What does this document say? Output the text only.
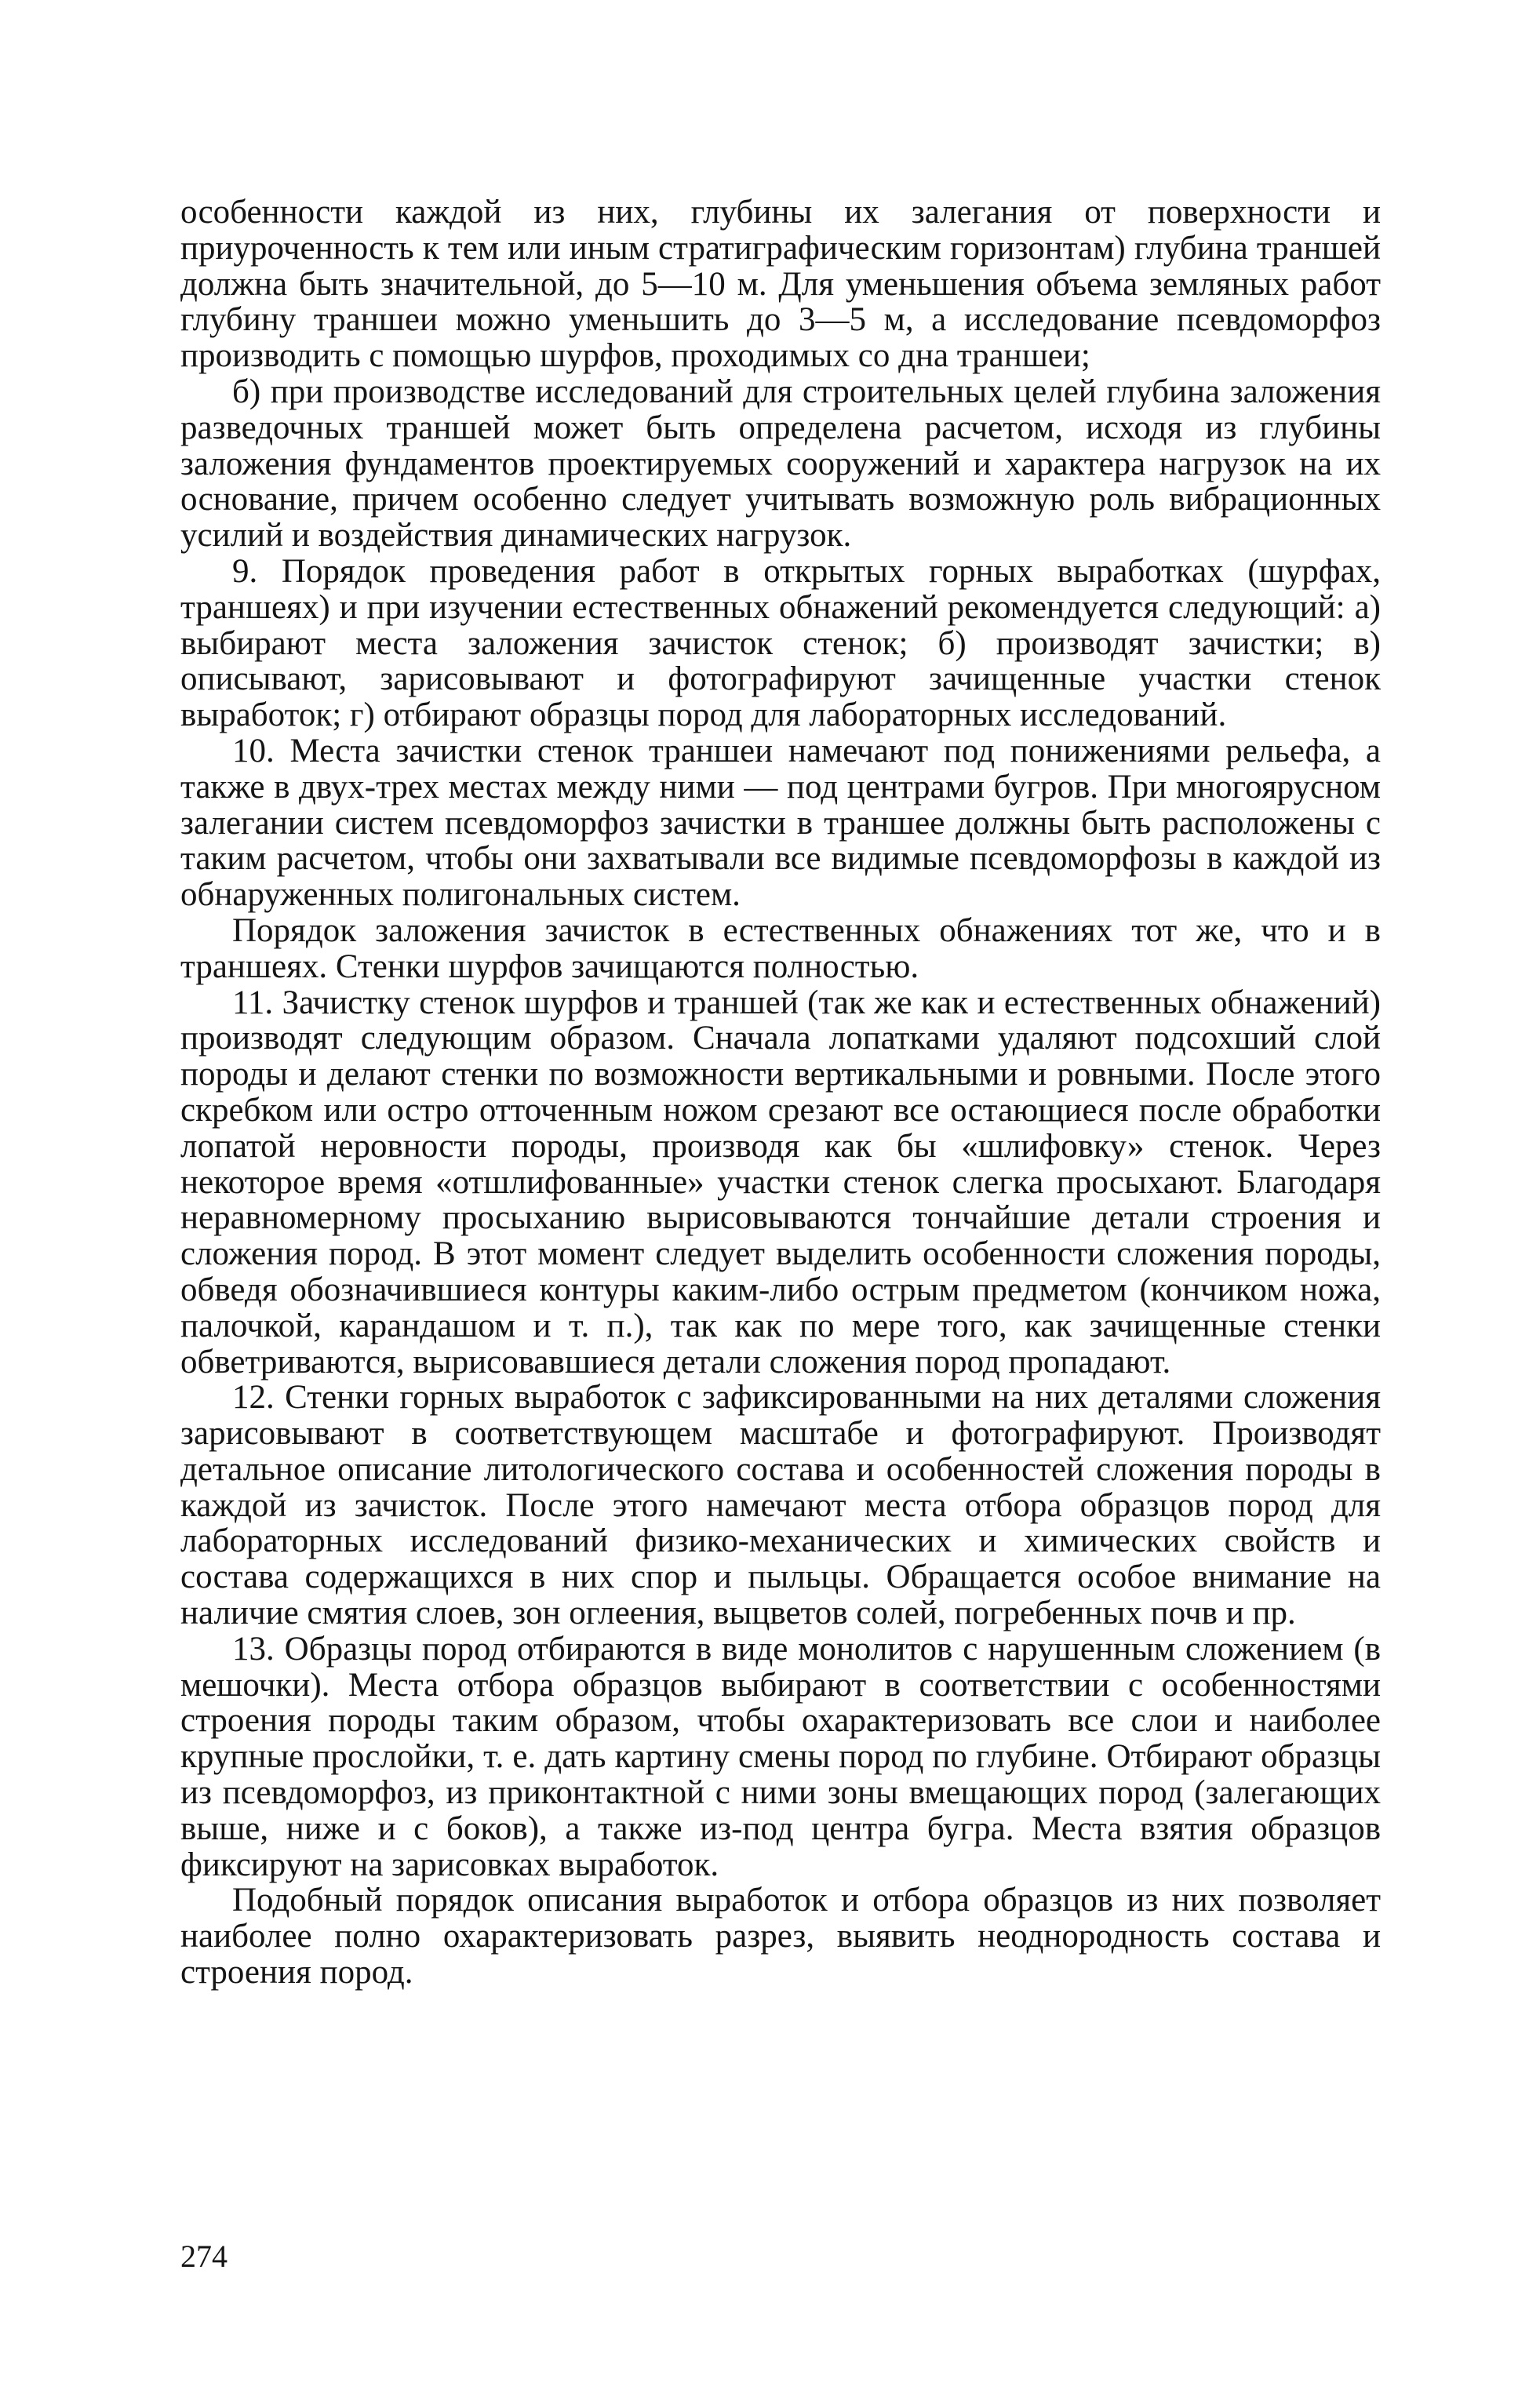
особенности каждой из них, глубины их залегания от поверхности и приуроченность к тем или иным стратиграфическим горизонтам) глубина траншей должна быть значительной, до 5—10 м. Для уменьшения объема земляных работ глубину траншеи можно уменьшить до 3—5 м, а исследование псевдоморфоз производить с помощью шурфов, проходимых со дна траншеи;

б) при производстве исследований для строительных целей глубина заложения разведочных траншей может быть определена расчетом, исходя из глубины заложения фундаментов проектируемых сооружений и характера нагрузок на их основание, причем особенно следует учитывать возможную роль вибрационных усилий и воздействия динамических нагрузок.

9. Порядок проведения работ в открытых горных выработках (шурфах, траншеях) и при изучении естественных обнажений рекомендуется следующий: а) выбирают места заложения зачисток стенок; б) производят зачистки; в) описывают, зарисовывают и фотографируют зачищенные участки стенок выработок; г) отбирают образцы пород для лабораторных исследований.

10. Места зачистки стенок траншеи намечают под понижениями рельефа, а также в двух-трех местах между ними — под центрами бугров. При многоярусном залегании систем псевдоморфоз зачистки в траншее должны быть расположены с таким расчетом, чтобы они захватывали все видимые псевдоморфозы в каждой из обнаруженных полигональных систем.

Порядок заложения зачисток в естественных обнажениях тот же, что и в траншеях. Стенки шурфов зачищаются полностью.

11. Зачистку стенок шурфов и траншей (так же как и естественных обнажений) производят следующим образом. Сначала лопатками удаляют подсохший слой породы и делают стенки по возможности вертикальными и ровными. После этого скребком или остро отточенным ножом срезают все остающиеся после обработки лопатой неровности породы, производя как бы «шлифовку» стенок. Через некоторое время «отшлифованные» участки стенок слегка просыхают. Благодаря неравномерному просыханию вырисовываются тончайшие детали строения и сложения пород. В этот момент следует выделить особенности сложения породы, обведя обозначившиеся контуры каким-либо острым предметом (кончиком ножа, палочкой, карандашом и т. п.), так как по мере того, как зачищенные стенки обветриваются, вырисовавшиеся детали сложения пород пропадают.

12. Стенки горных выработок с зафиксированными на них деталями сложения зарисовывают в соответствующем масштабе и фотографируют. Производят детальное описание литологического состава и особенностей сложения породы в каждой из зачисток. После этого намечают места отбора образцов пород для лабораторных исследований физико-механических и химических свойств и состава содержащихся в них спор и пыльцы. Обращается особое внимание на наличие смятия слоев, зон оглеения, выцветов солей, погребенных почв и пр.

13. Образцы пород отбираются в виде монолитов с нарушенным сложением (в мешочки). Места отбора образцов выбирают в соответствии с особенностями строения породы таким образом, чтобы охарактеризовать все слои и наиболее крупные прослойки, т. е. дать картину смены пород по глубине. Отбирают образцы из псевдоморфоз, из приконтактной с ними зоны вмещающих пород (залегающих выше, ниже и с боков), а также из-под центра бугра. Места взятия образцов фиксируют на зарисовках выработок.

Подобный порядок описания выработок и отбора образцов из них позволяет наиболее полно охарактеризовать разрез, выявить неоднородность состава и строения пород.

274
